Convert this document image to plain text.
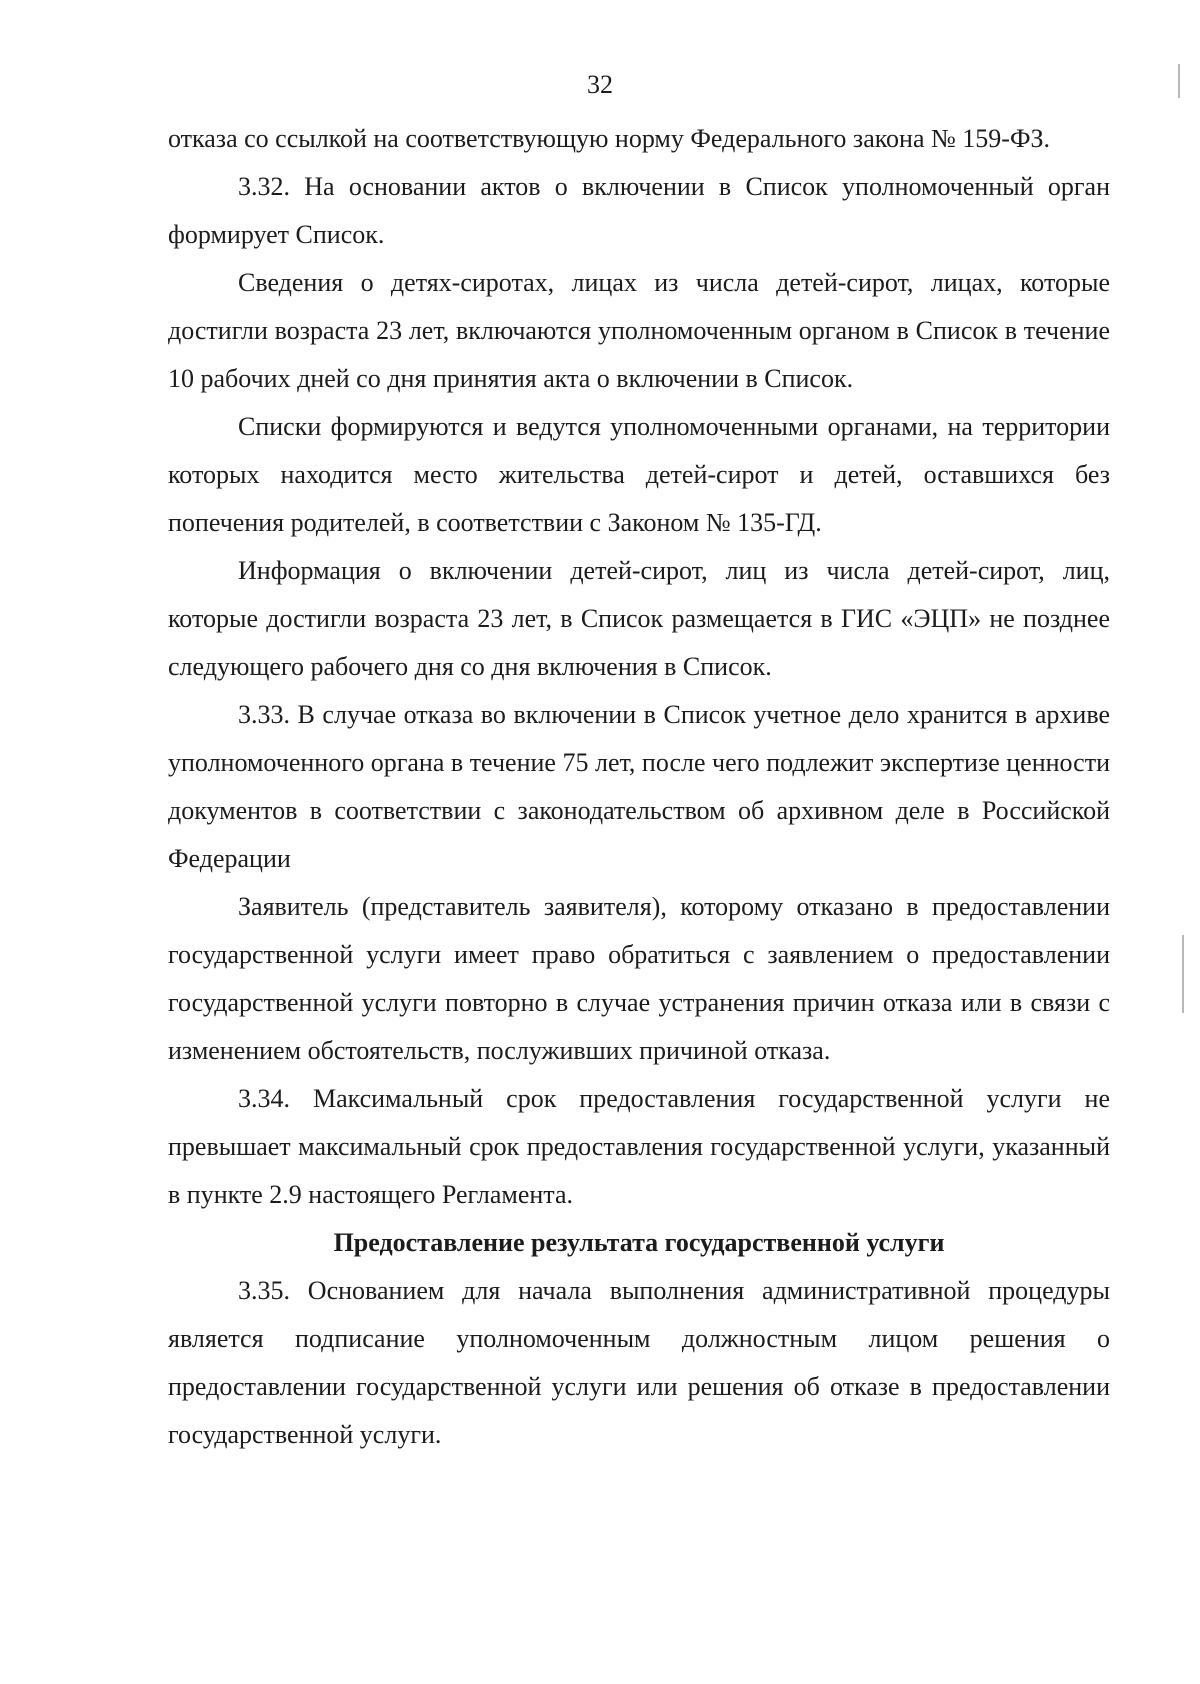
32

отказа со ссылкой на соответствующую норму Федерального закона № 159-ФЗ.

3.32. На основании актов о включении в Список уполномоченный орган формирует Список.

Сведения о детях-сиротах, лицах из числа детей-сирот, лицах, которые достигли возраста 23 лет, включаются уполномоченным органом в Список в течение 10 рабочих дней со дня принятия акта о включении в Список.

Списки формируются и ведутся уполномоченными органами, на территории которых находится место жительства детей-сирот и детей, оставшихся без попечения родителей, в соответствии с Законом № 135-ГД.

Информация о включении детей-сирот, лиц из числа детей-сирот, лиц, которые достигли возраста 23 лет, в Список размещается в ГИС «ЭЦП» не позднее следующего рабочего дня со дня включения в Список.

3.33. В случае отказа во включении в Список учетное дело хранится в архиве уполномоченного органа в течение 75 лет, после чего подлежит экспертизе ценности документов в соответствии с законодательством об архивном деле в Российской Федерации

Заявитель (представитель заявителя), которому отказано в предоставлении государственной услуги имеет право обратиться с заявлением о предоставлении государственной услуги повторно в случае устранения причин отказа или в связи с изменением обстоятельств, послуживших причиной отказа.

3.34. Максимальный срок предоставления государственной услуги не превышает максимальный срок предоставления государственной услуги, указанный в пункте 2.9 настоящего Регламента.

Предоставление результата государственной услуги

3.35. Основанием для начала выполнения административной процедуры является подписание уполномоченным должностным лицом решения о предоставлении государственной услуги или решения об отказе в предоставлении государственной услуги.
